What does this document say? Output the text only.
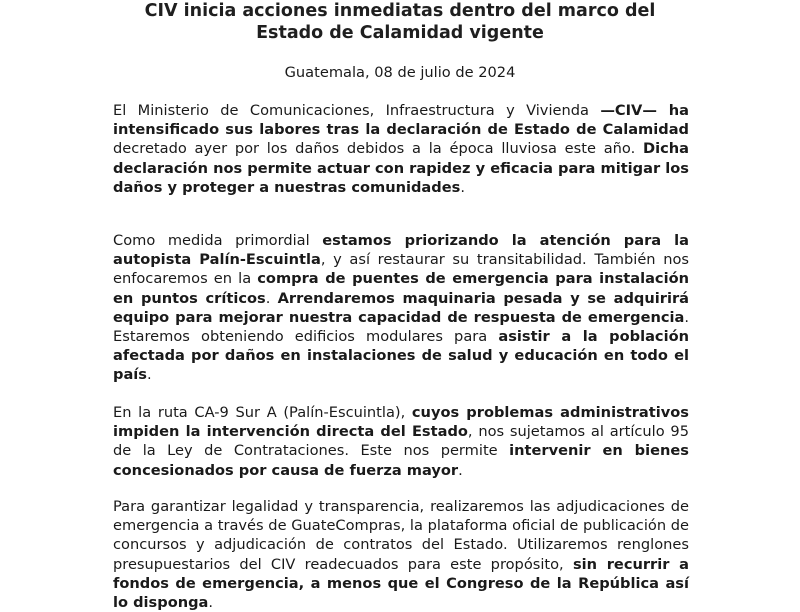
CIV inicia acciones inmediatas dentro del marco del
Estado de Calamidad vigente
Guatemala, 08 de julio de 2024

El Ministerio de Comunicaciones, Infraestructura y Vivienda —CIV— ha intensificado sus labores tras la declaración de Estado de Calamidad decretado ayer por los daños debidos a la época lluviosa este año. Dicha declaración nos permite actuar con rapidez y eficacia para mitigar los daños y proteger a nuestras comunidades.

Como medida primordial estamos priorizando la atención para la autopista Palín-Escuintla, y así restaurar su transitabilidad. También nos enfocaremos en la compra de puentes de emergencia para instalación en puntos críticos. Arrendaremos maquinaria pesada y se adquirirá equipo para mejorar nuestra capacidad de respuesta de emergencia. Estaremos obteniendo edificios modulares para asistir a la población afectada por daños en instalaciones de salud y educación en todo el país.

En la ruta CA-9 Sur A (Palín-Escuintla), cuyos problemas administrativos impiden la intervención directa del Estado, nos sujetamos al artículo 95 de la Ley de Contrataciones. Este nos permite intervenir en bienes concesionados por causa de fuerza mayor.

Para garantizar legalidad y transparencia, realizaremos las adjudicaciones de emergencia a través de GuateCompras, la plataforma oficial de publicación de concursos y adjudicación de contratos del Estado. Utilizaremos renglones presupuestarios del CIV readecuados para este propósito, sin recurrir a fondos de emergencia, a menos que el Congreso de la República así lo disponga.
